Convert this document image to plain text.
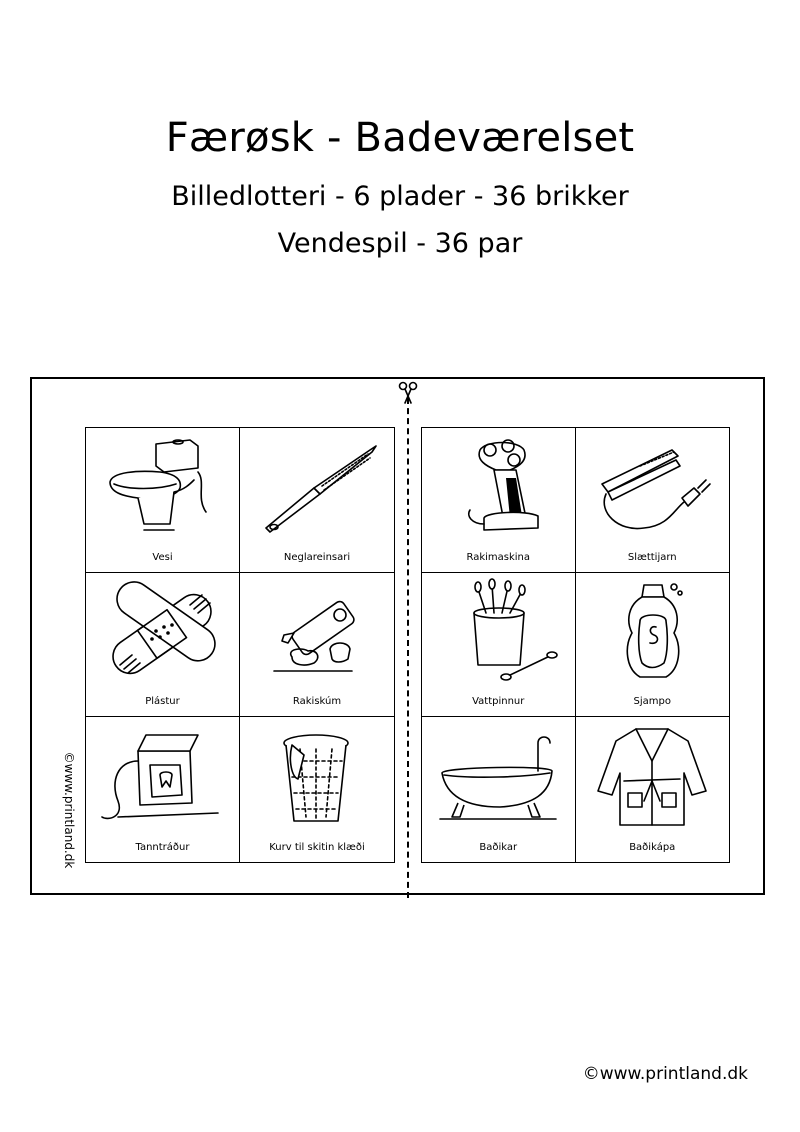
Færøsk - Badeværelset
Billedlotteri - 6 plader - 36 brikker
Vendespil - 36 par
©www.printland.dk
Vesi	Neglareinsari
Plástur	Rakiskúm
Tanntráður	Kurv til skitin klæði
Rakimaskina	Slættijarn
Vattpinnur	Sjampo
Baðikar	Baðikápa
©www.printland.dk
